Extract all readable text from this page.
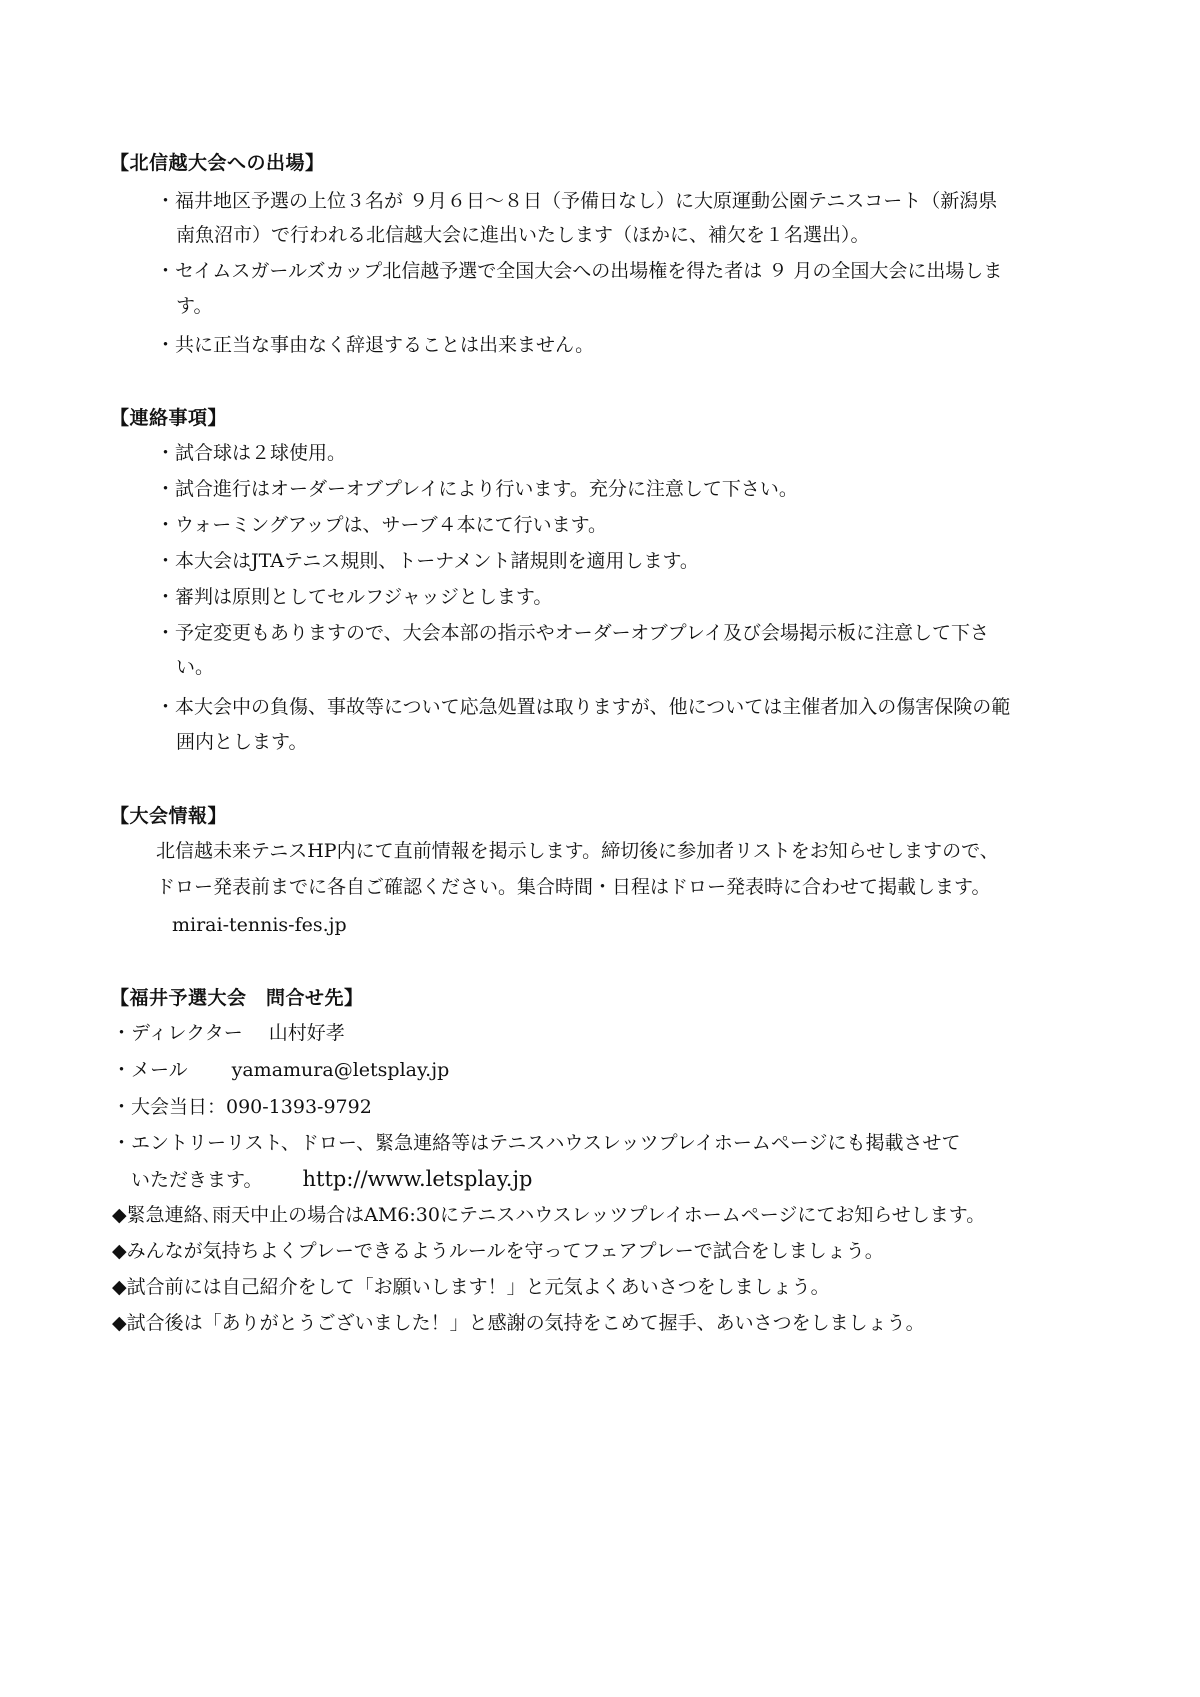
【北信越大会への出場】
・福井地区予選の上位３名が ９月６日～８日（予備日なし）に大原運動公園テニスコート（新潟県
南魚沼市）で行われる北信越大会に進出いたします（ほかに、補欠を１名選出）。
・セイムスガールズカップ北信越予選で全国大会への出場権を得た者は ９ 月の全国大会に出場しま
す。
・共に正当な事由なく辞退することは出来ません。
【連絡事項】
・試合球は２球使用。
・試合進行はオーダーオブプレイにより行います。充分に注意して下さい。
・ウォーミングアップは、サーブ４本にて行います。
・本大会はJTAテニス規則、トーナメント諸規則を適用します。
・審判は原則としてセルフジャッジとします。
・予定変更もありますので、大会本部の指示やオーダーオブプレイ及び会場掲示板に注意して下さ
い。
・本大会中の負傷、事故等について応急処置は取りますが、他については主催者加入の傷害保険の範
囲内とします。
【大会情報】
北信越未来テニスHP内にて直前情報を掲示します。締切後に参加者リストをお知らせしますので、
ドロー発表前までに各自ご確認ください。集合時間・日程はドロー発表時に合わせて掲載します。
mirai-tennis-fes.jp
【福井予選大会　問合せ先】
・ディレクター 山村好孝
・メール yamamura@letsplay.jp
・大会当日：090-1393-9792
・エントリーリスト、ドロー、緊急連絡等はテニスハウスレッツプレイホームページにも掲載させて
いただきます。 http://www.letsplay.jp
◆緊急連絡､雨天中止の場合はAM6:30にテニスハウスレッツプレイホームページにてお知らせします。
◆みんなが気持ちよくプレーできるようルールを守ってフェアプレーで試合をしましょう。
◆試合前には自己紹介をして「お願いします！」と元気よくあいさつをしましょう。
◆試合後は「ありがとうございました！」と感謝の気持をこめて握手、あいさつをしましょう。
